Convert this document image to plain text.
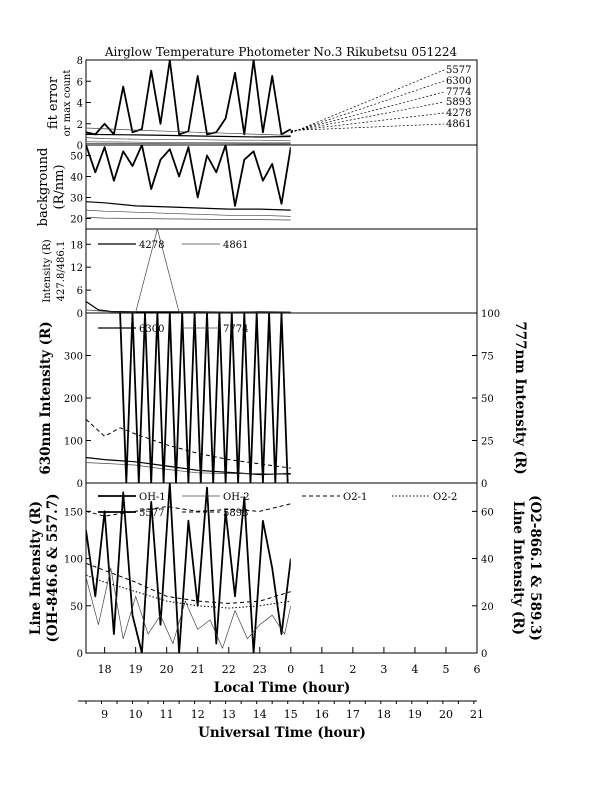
Airglow Temperature Photometer No.3 Rikubetsu 051224
0
2
4
6
8
20
30
40
50
0
6
12
18
0
100
200
300
0
25
50
75
100
0
50
100
150
0
20
40
60
18 19 20 21 22 23 0 1 2 3 4 5 6
9 10 11 12 13 14 15 16 17 18 19 20 21
5577
6300
7774
5893
4278
4861
4278	4861
6300	7774
OH-1	OH-2	O2-1	O2-2
5577	5893
fit error or max count
background (R/nm)
Intensity (R) 427.8/486.1
630nm Intensity (R)	777nm Intensity (R)
Line Intensity (R) (OH-846.6 & 557.7)	Line Intensity (R) (O2-866.1 & 589.3)
Local Time (hour)
Universal Time (hour)
